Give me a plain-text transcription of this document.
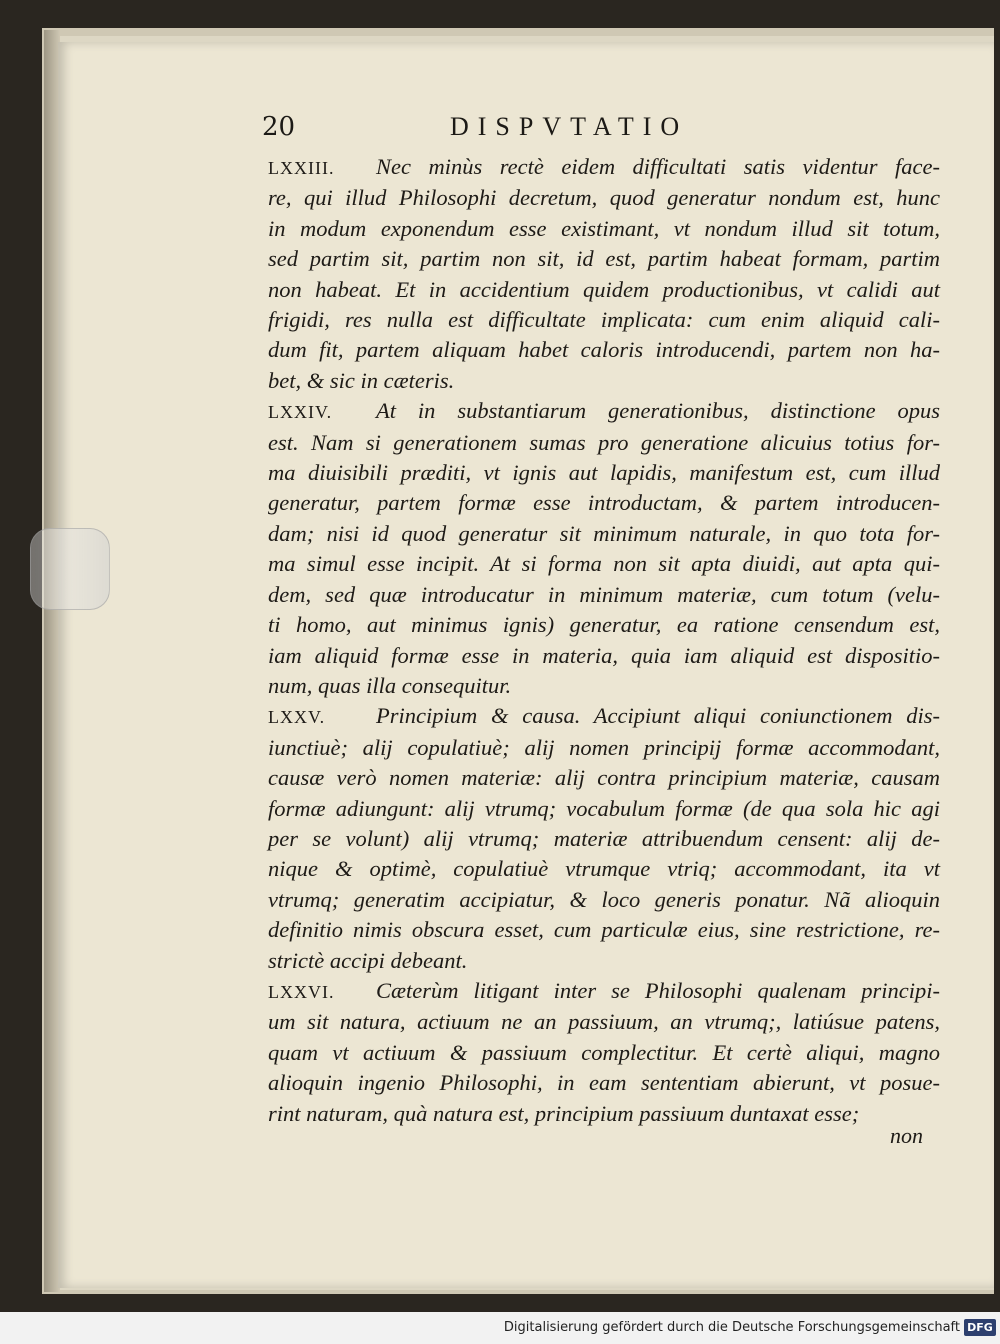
20	DISPVTATIO
LXXIII. Nec minùs rectè eidem difficultati satis videntur face-
re, qui illud Philosophi decretum, quod generatur nondum est, hunc
in modum exponendum esse existimant, vt nondum illud sit totum,
sed partim sit, partim non sit, id est, partim habeat formam, partim
non habeat. Et in accidentium quidem productionibus, vt calidi aut
frigidi, res nulla est difficultate implicata: cum enim aliquid cali-
dum fit, partem aliquam habet caloris introducendi, partem non ha-
bet, & sic in cæteris.
LXXIV. At in substantiarum generationibus, distinctione opus
est. Nam si generationem sumas pro generatione alicuius totius for-
ma diuisibili præditi, vt ignis aut lapidis, manifestum est, cum illud
generatur, partem formæ esse introductam, & partem introducen-
dam; nisi id quod generatur sit minimum naturale, in quo tota for-
ma simul esse incipit. At si forma non sit apta diuidi, aut apta qui-
dem, sed quæ introducatur in minimum materiæ, cum totum (velu-
ti homo, aut minimus ignis) generatur, ea ratione censendum est,
iam aliquid formæ esse in materia, quia iam aliquid est dispositio-
num, quas illa consequitur.
LXXV. Principium & causa. Accipiunt aliqui coniunctionem dis-
iunctiuè; alij copulatiuè; alij nomen principij formæ accommodant,
causæ verò nomen materiæ: alij contra principium materiæ, causam
formæ adiungunt: alij vtrumq; vocabulum formæ (de qua sola hic agi
per se volunt) alij vtrumq; materiæ attribuendum censent: alij de-
nique & optimè, copulatiuè vtrumque vtriq; accommodant, ita vt
vtrumq; generatim accipiatur, & loco generis ponatur. Nã alioquin
definitio nimis obscura esset, cum particulæ eius, sine restrictione, re-
strictè accipi debeant.
LXXVI. Cæterùm litigant inter se Philosophi qualenam principi-
um sit natura, actiuum ne an passiuum, an vtrumq;, latiúsue patens,
quam vt actiuum & passiuum complectitur. Et certè aliqui, magno
alioquin ingenio Philosophi, in eam sententiam abierunt, vt posue-
rint naturam, quà natura est, principium passiuum duntaxat esse;
non
Digitalisierung gefördert durch die Deutsche Forschungsgemeinschaft DFG
